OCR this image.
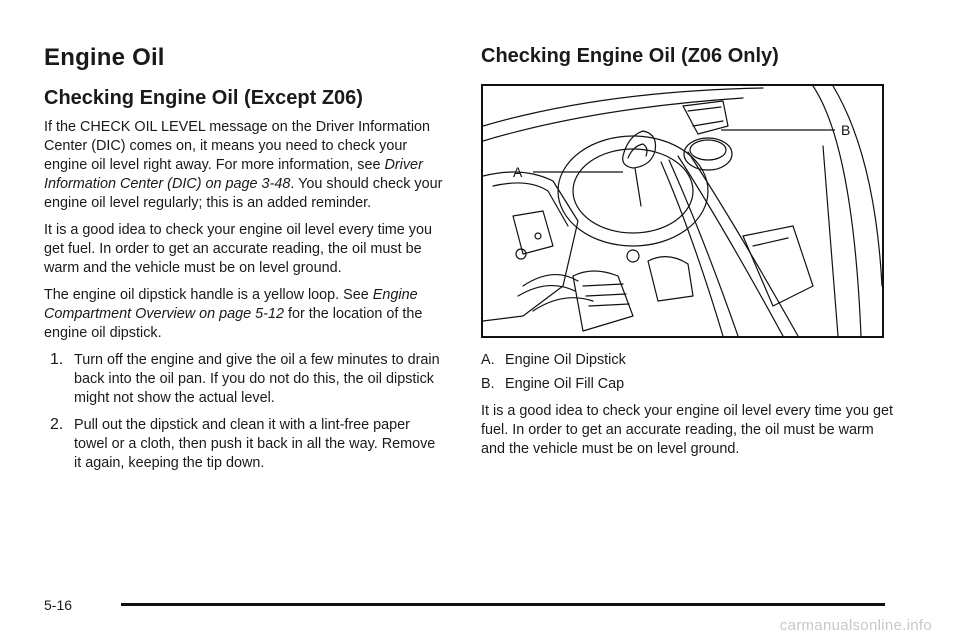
Engine Oil
Checking Engine Oil (Except Z06)

If the CHECK OIL LEVEL message on the Driver Information Center (DIC) comes on, it means you need to check your engine oil level right away. For more information, see Driver Information Center (DIC) on page 3-48. You should check your engine oil level regularly; this is an added reminder.

It is a good idea to check your engine oil level every time you get fuel. In order to get an accurate reading, the oil must be warm and the vehicle must be on level ground.

The engine oil dipstick handle is a yellow loop. See Engine Compartment Overview on page 5-12 for the location of the engine oil dipstick.

1. Turn off the engine and give the oil a few minutes to drain back into the oil pan. If you do not do this, the oil dipstick might not show the actual level.
2. Pull out the dipstick and clean it with a lint-free paper towel or a cloth, then push it back in all the way. Remove it again, keeping the tip down.
Checking Engine Oil (Z06 Only)
A
B
A. Engine Oil Dipstick
B. Engine Oil Fill Cap

It is a good idea to check your engine oil level every time you get fuel. In order to get an accurate reading, the oil must be warm and the vehicle must be on level ground.

5-16
carmanualsonline.info
